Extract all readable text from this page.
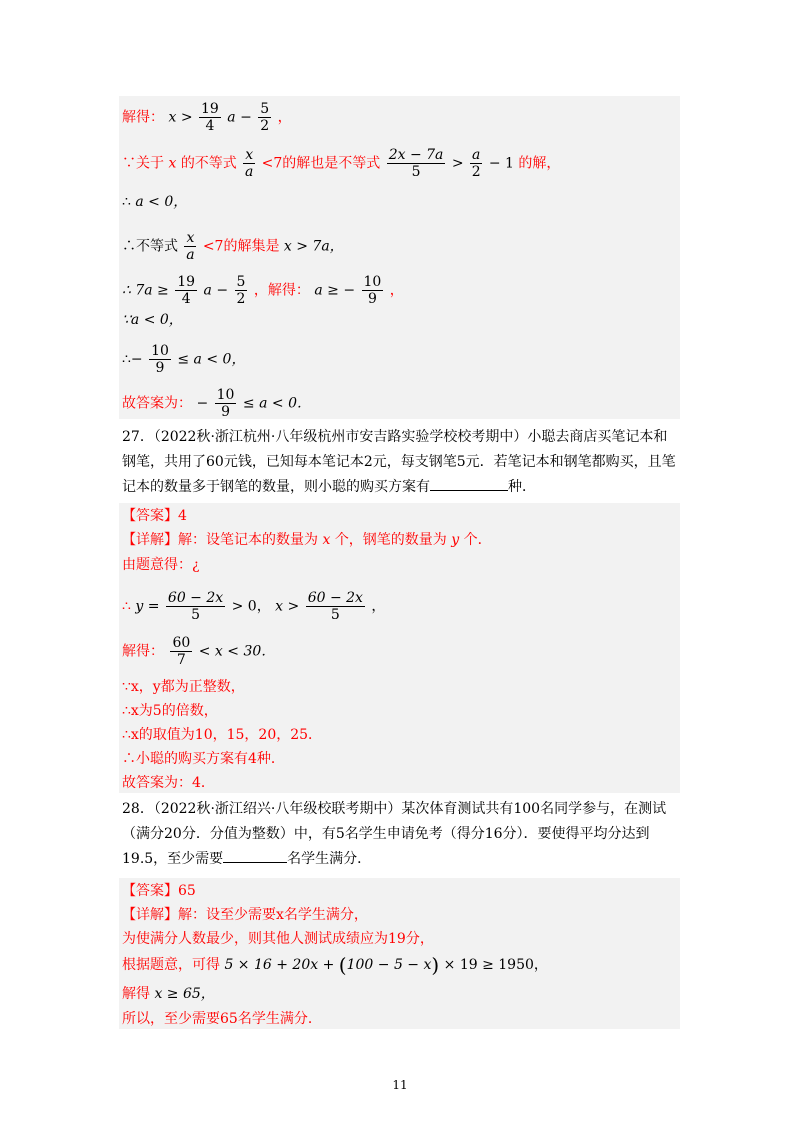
解得： $x > \frac{19}{4}$ $a - \frac{5}{2}$ ，
∵关于 x 的不等式 $\frac{x}{a} <7$的解也是不等式 $\frac{2x - 7a}{5} > \frac{a}{2} - 1$ 的解，
∴ a < 0，
∴不等式 $\frac{x}{a} <7$的解集是 x > 7a，
∴ $7a \ge \frac{19}{4}$ $a - \frac{5}{2}$ ，解得： a ≥ − $\frac{10}{9}$ ，
∵a < 0，
∴− $\frac{10}{9} \le a < 0$，
故答案为： − $\frac{10}{9} \le a < 0$．
27．（2022秋·浙江杭州·八年级杭州市安吉路实验学校校考期中）小聪去商店买笔记本和钢笔，共用了60元钱，已知每本笔记本2元，每支钢笔5元．若笔记本和钢笔都购买，且笔记本的数量多于钢笔的数量，则小聪的购买方案有	种．
【答案】4
【详解】解：设笔记本的数量为 x 个，钢笔的数量为 y 个．
由题意得：¿
∴ $y = \frac{60 - 2x}{5} > 0$， $x > \frac{60 - 2x}{5}$ ，
解得： $\frac{60}{7} < x < 30$．
∵x，y都为正整数，
∴x为5的倍数，
∴x的取值为10，15，20，25．
∴小聪的购买方案有4种．
故答案为：4．
28．（2022秋·浙江绍兴·八年级校联考期中）某次体育测试共有100名同学参与，在测试（满分20分．分值为整数）中，有5名学生申请免考（得分16分）．要使得平均分达到19.5，至少需要	名学生满分．
【答案】65
【详解】解：设至少需要x名学生满分，
为使满分人数最少，则其他人测试成绩应为19分，
根据题意，可得 5 × 16 + 20x + (100 − 5 − x) × 19 ≥ 1950，
解得 x ≥ 65，
所以，至少需要65名学生满分．
11
